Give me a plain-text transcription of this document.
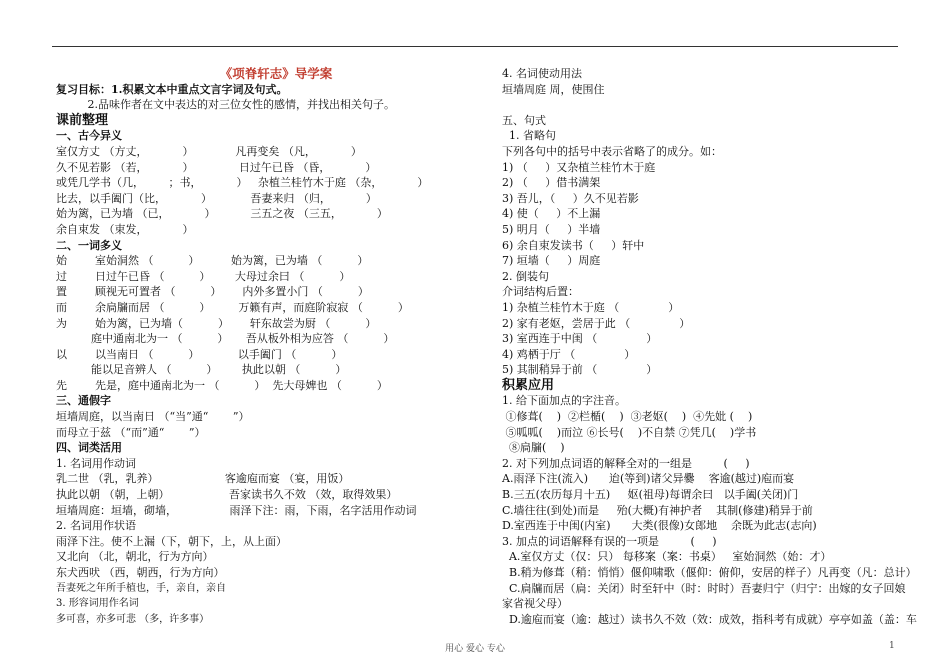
《项脊轩志》导学案
复习目标：1.积累文本中重点文言字词及句式。
2.品味作者在文中表达的对三位女性的感情，并找出相关句子。
课前整理
一、古今异义
室仅方丈 （方丈，          ）            凡再变矣 （凡，          ）
久不见若影 （若，          ）             日过午已昏 （昏，          ）
或凭几学书（几，       ；书，          ）   杂植兰桂竹木于庭 （杂，          ）
比去，以手阖门（比，          ）           吾妻来归 （归，          ）
始为篱，已为墙 （已，          ）          三五之夜 （三五，          ）
余自束发 （束发，          ）
二、一词多义
始        室始洞然 （          ）         始为篱，已为墙 （          ）
过        日过午已昏 （          ）       大母过余曰 （          ）
置        顾视无可置者 （          ）      内外多置小门 （          ）
而        余扃牖而居 （          ）        万籁有声，而庭阶寂寂 （          ）
为        始为篱，已为墙（          ）      轩东故尝为厨 （          ）
庭中通南北为一 （          ）     吾从板外相为应答 （          ）
以        以当南日 （          ）           以手阖门 （          ）
能以足音辨人 （          ）       执此以朝 （          ）
先        先是，庭中通南北为一 （          ）  先大母婢也 （          ）
三、通假字
垣墙周庭，以当南日 （“当”通“       ”）
而母立于兹 （“而”通“       ”）
四、词类活用
1. 名词用作动词
乳二世 （乳，乳养）                   客逾庖而宴 （宴，用饭）
执此以朝 （朝，上朝）                 吾家读书久不效 （效，取得效果）
垣墙周庭：垣墙，砌墙，               雨泽下注：雨，下雨，名字活用作动词
2. 名词用作状语
雨泽下注。使不上漏（下，朝下，上，从上面）
又北向 （北，朝北，行为方向）
东犬西吠 （西，朝西，行为方向）
吾妻死之年所手植也，手，亲自，亲自
3. 形容词用作名词
多可喜，亦多可悲 （多，许多事）
4. 名词使动用法
垣墙周庭 周，使围住
五、句式
1. 省略句
下列各句中的括号中表示省略了的成分。如：
1) （     ）又杂植兰桂竹木于庭
2) （     ）借书满架
3) 吾儿，（     ）久不见若影
4) 使（     ）不上漏
5) 明月（     ）半墙
6) 余自束发读书（     ）轩中
7) 垣墙（     ）周庭
2. 倒装句
介词结构后置：
1) 杂植兰桂竹木于庭 （              ）
2) 家有老妪，尝居于此 （              ）
3) 室西连于中闺 （              ）
4) 鸡栖于厅 （              ）
5) 其制稍异于前 （              ）
积累应用
1. 给下面加点的字注音。
①修葺(    )  ②栏楯(    )  ③老妪(    )  ④先妣 (    )
⑤呱呱(    )而泣 ⑥长号(    )不自禁 ⑦凭几(    )学书
⑧扃牖(    )
2. 对下列加点词语的解释全对的一组是         (     )
A.雨泽下注(流入)      迨(等到)诸父异爨    客逾(越过)庖而宴
B.三五(农历每月十五)     妪(祖母)每谓余曰   以手阖(关闭)门
C.墙往往(到处)而是     殆(大概)有神护者    其制(修建)稍异于前
D.室西连于中闺(内室)      大类(很像)女郎地    余既为此志(志向)
3. 加点的词语解释有误的一项是         (     )
A.室仅方丈（仅：只） 每移案（案：书桌）   室始洞然（始：才）
B.稍为修葺（稍：悄悄）偃仰啸歌（偃仰：俯仰，安居的样子）凡再变（凡：总计）
C.扃牖而居（扃：关闭）时至轩中（时：时时）吾妻归宁（归宁：出嫁的女子回娘
家省视父母）
D.逾庖而宴（逾：越过）读书久不效（效：成效，指科考有成就）亭亭如盖（盖：车
用心 爱心 专心	1
